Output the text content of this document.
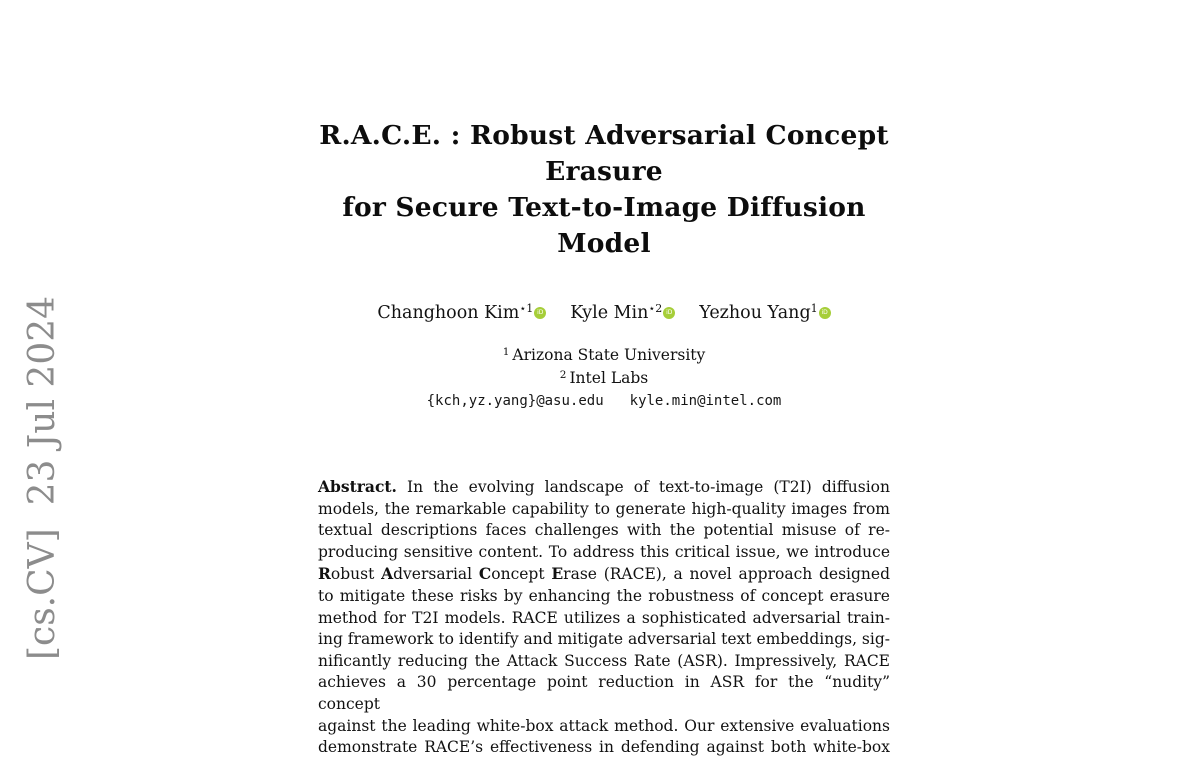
[cs.CV]  23 Jul 2024
R.A.C.E. : Robust Adversarial Concept Erasure
for Secure Text-to-Image Diffusion Model
Changhoon Kim$^{⋆1}$ iD Kyle Min$^{⋆2}$ iD Yezhou Yang$^1$ iD
$^1$ Arizona State University
$^2$ Intel Labs
{kch,yz.yang}@asu.edu kyle.min@intel.com
Abstract. In the evolving landscape of text-to-image (T2I) diffusion
models, the remarkable capability to generate high-quality images from
textual descriptions faces challenges with the potential misuse of re-
producing sensitive content. To address this critical issue, we introduce
Robust Adversarial Concept Erase (RACE), a novel approach designed
to mitigate these risks by enhancing the robustness of concept erasure
method for T2I models. RACE utilizes a sophisticated adversarial train-
ing framework to identify and mitigate adversarial text embeddings, sig-
nificantly reducing the Attack Success Rate (ASR). Impressively, RACE
achieves a 30 percentage point reduction in ASR for the “nudity” concept
against the leading white-box attack method. Our extensive evaluations
demonstrate RACE’s effectiveness in defending against both white-box
